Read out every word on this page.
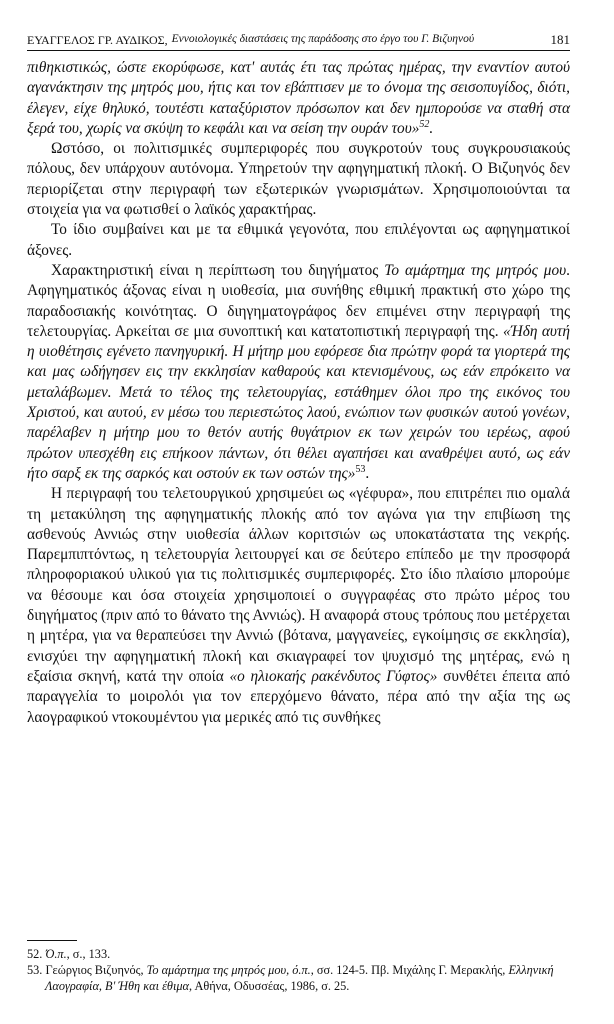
ΕΥΑΓΓΕΛΟΣ ΓΡ. ΑΥΔΙΚΟΣ, Εννοιολογικές διαστάσεις της παράδοσης στο έργο του Γ. Βιζυηνού	181

πιθηκιστικώς, ώστε εκορύφωσε, κατ' αυτάς έτι τας πρώτας ημέρας, την εναντίον αυτού αγανάκτησιν της μητρός μου, ήτις και τον εβάπτισεν με το όνομα της σεισοπυγίδος, διότι, έλεγεν, είχε θηλυκό, τουτέστι καταξύριστον πρόσωπον και δεν ημπορούσε να σταθή στα ξερά του, χωρίς να σκύψη το κεφάλι και να σείση την ουράν του»$^{52}$.

Ωστόσο, οι πολιτισμικές συμπεριφορές που συγκροτούν τους συγκρουσιακούς πόλους, δεν υπάρχουν αυτόνομα. Υπηρετούν την αφηγηματική πλοκή. Ο Βιζυηνός δεν περιορίζεται στην περιγραφή των εξωτερικών γνωρισμάτων. Χρησιμοποιούνται τα στοιχεία για να φωτισθεί ο λαϊκός χαρακτήρας.

Το ίδιο συμβαίνει και με τα εθιμικά γεγονότα, που επιλέγονται ως αφηγηματικοί άξονες.

Χαρακτηριστική είναι η περίπτωση του διηγήματος Το αμάρτημα της μητρός μου. Αφηγηματικός άξονας είναι η υιοθεσία, μια συνήθης εθιμική πρακτική στο χώρο της παραδοσιακής κοινότητας. Ο διηγηματογράφος δεν επιμένει στην περιγραφή της τελετουργίας. Αρκείται σε μια συνοπτική και κατατοπιστική περιγραφή της. «Ήδη αυτή η υιοθέτησις εγένετο πανηγυρική. Η μήτηρ μου εφόρεσε δια πρώτην φορά τα γιορτερά της και μας ωδήγησεν εις την εκκλησίαν καθαρούς και κτενισμένους, ως εάν επρόκειτο να μεταλάβωμεν. Μετά το τέλος της τελετουργίας, εστάθημεν όλοι προ της εικόνος του Χριστού, και αυτού, εν μέσω του περιεστώτος λαού, ενώπιον των φυσικών αυτού γονέων, παρέλαβεν η μήτηρ μου το θετόν αυτής θυγάτριον εκ των χειρών του ιερέως, αφού πρώτον υπεσχέθη εις επήκοον πάντων, ότι θέλει αγαπήσει και αναθρέψει αυτό, ως εάν ήτο σαρξ εκ της σαρκός και οστούν εκ των οστών της»$^{53}$.

Η περιγραφή του τελετουργικού χρησιμεύει ως «γέφυρα», που επιτρέπει πιο ομαλά τη μετακύληση της αφηγηματικής πλοκής από τον αγώνα για την επιβίωση της ασθενούς Αννιώς στην υιοθεσία άλλων κοριτσιών ως υποκατάστατα της νεκρής. Παρεμπιπτόντως, η τελετουργία λειτουργεί και σε δεύτερο επίπεδο με την προσφορά πληροφοριακού υλικού για τις πολιτισμικές συμπεριφορές. Στο ίδιο πλαίσιο μπορούμε να θέσουμε και όσα στοιχεία χρησιμοποιεί ο συγγραφέας στο πρώτο μέρος του διηγήματος (πριν από το θάνατο της Αννιώς). Η αναφορά στους τρόπους που μετέρχεται η μητέρα, για να θεραπεύσει την Αννιώ (βότανα, μαγγανείες, εγκοίμησις σε εκκλησία), ενισχύει την αφηγηματική πλοκή και σκιαγραφεί τον ψυχισμό της μητέρας, ενώ η εξαίσια σκηνή, κατά την οποία «ο ηλιοκαής ρακένδυτος Γύφτος» συνθέτει έπειτα από παραγγελία το μοιρολόι για τον επερχόμενο θάνατο, πέρα από την αξία της ως λαογραφικού ντοκουμέντου για μερικές από τις συνθήκες

52. Ό.π., σ., 133.

53. Γεώργιος Βιζυηνός, Το αμάρτημα της μητρός μου, ό.π., σσ. 124-5. Πβ. Μιχάλης Γ. Μερακλής, Ελληνική Λαογραφία, Β' Ήθη και έθιμα, Αθήνα, Οδυσσέας, 1986, σ. 25.
